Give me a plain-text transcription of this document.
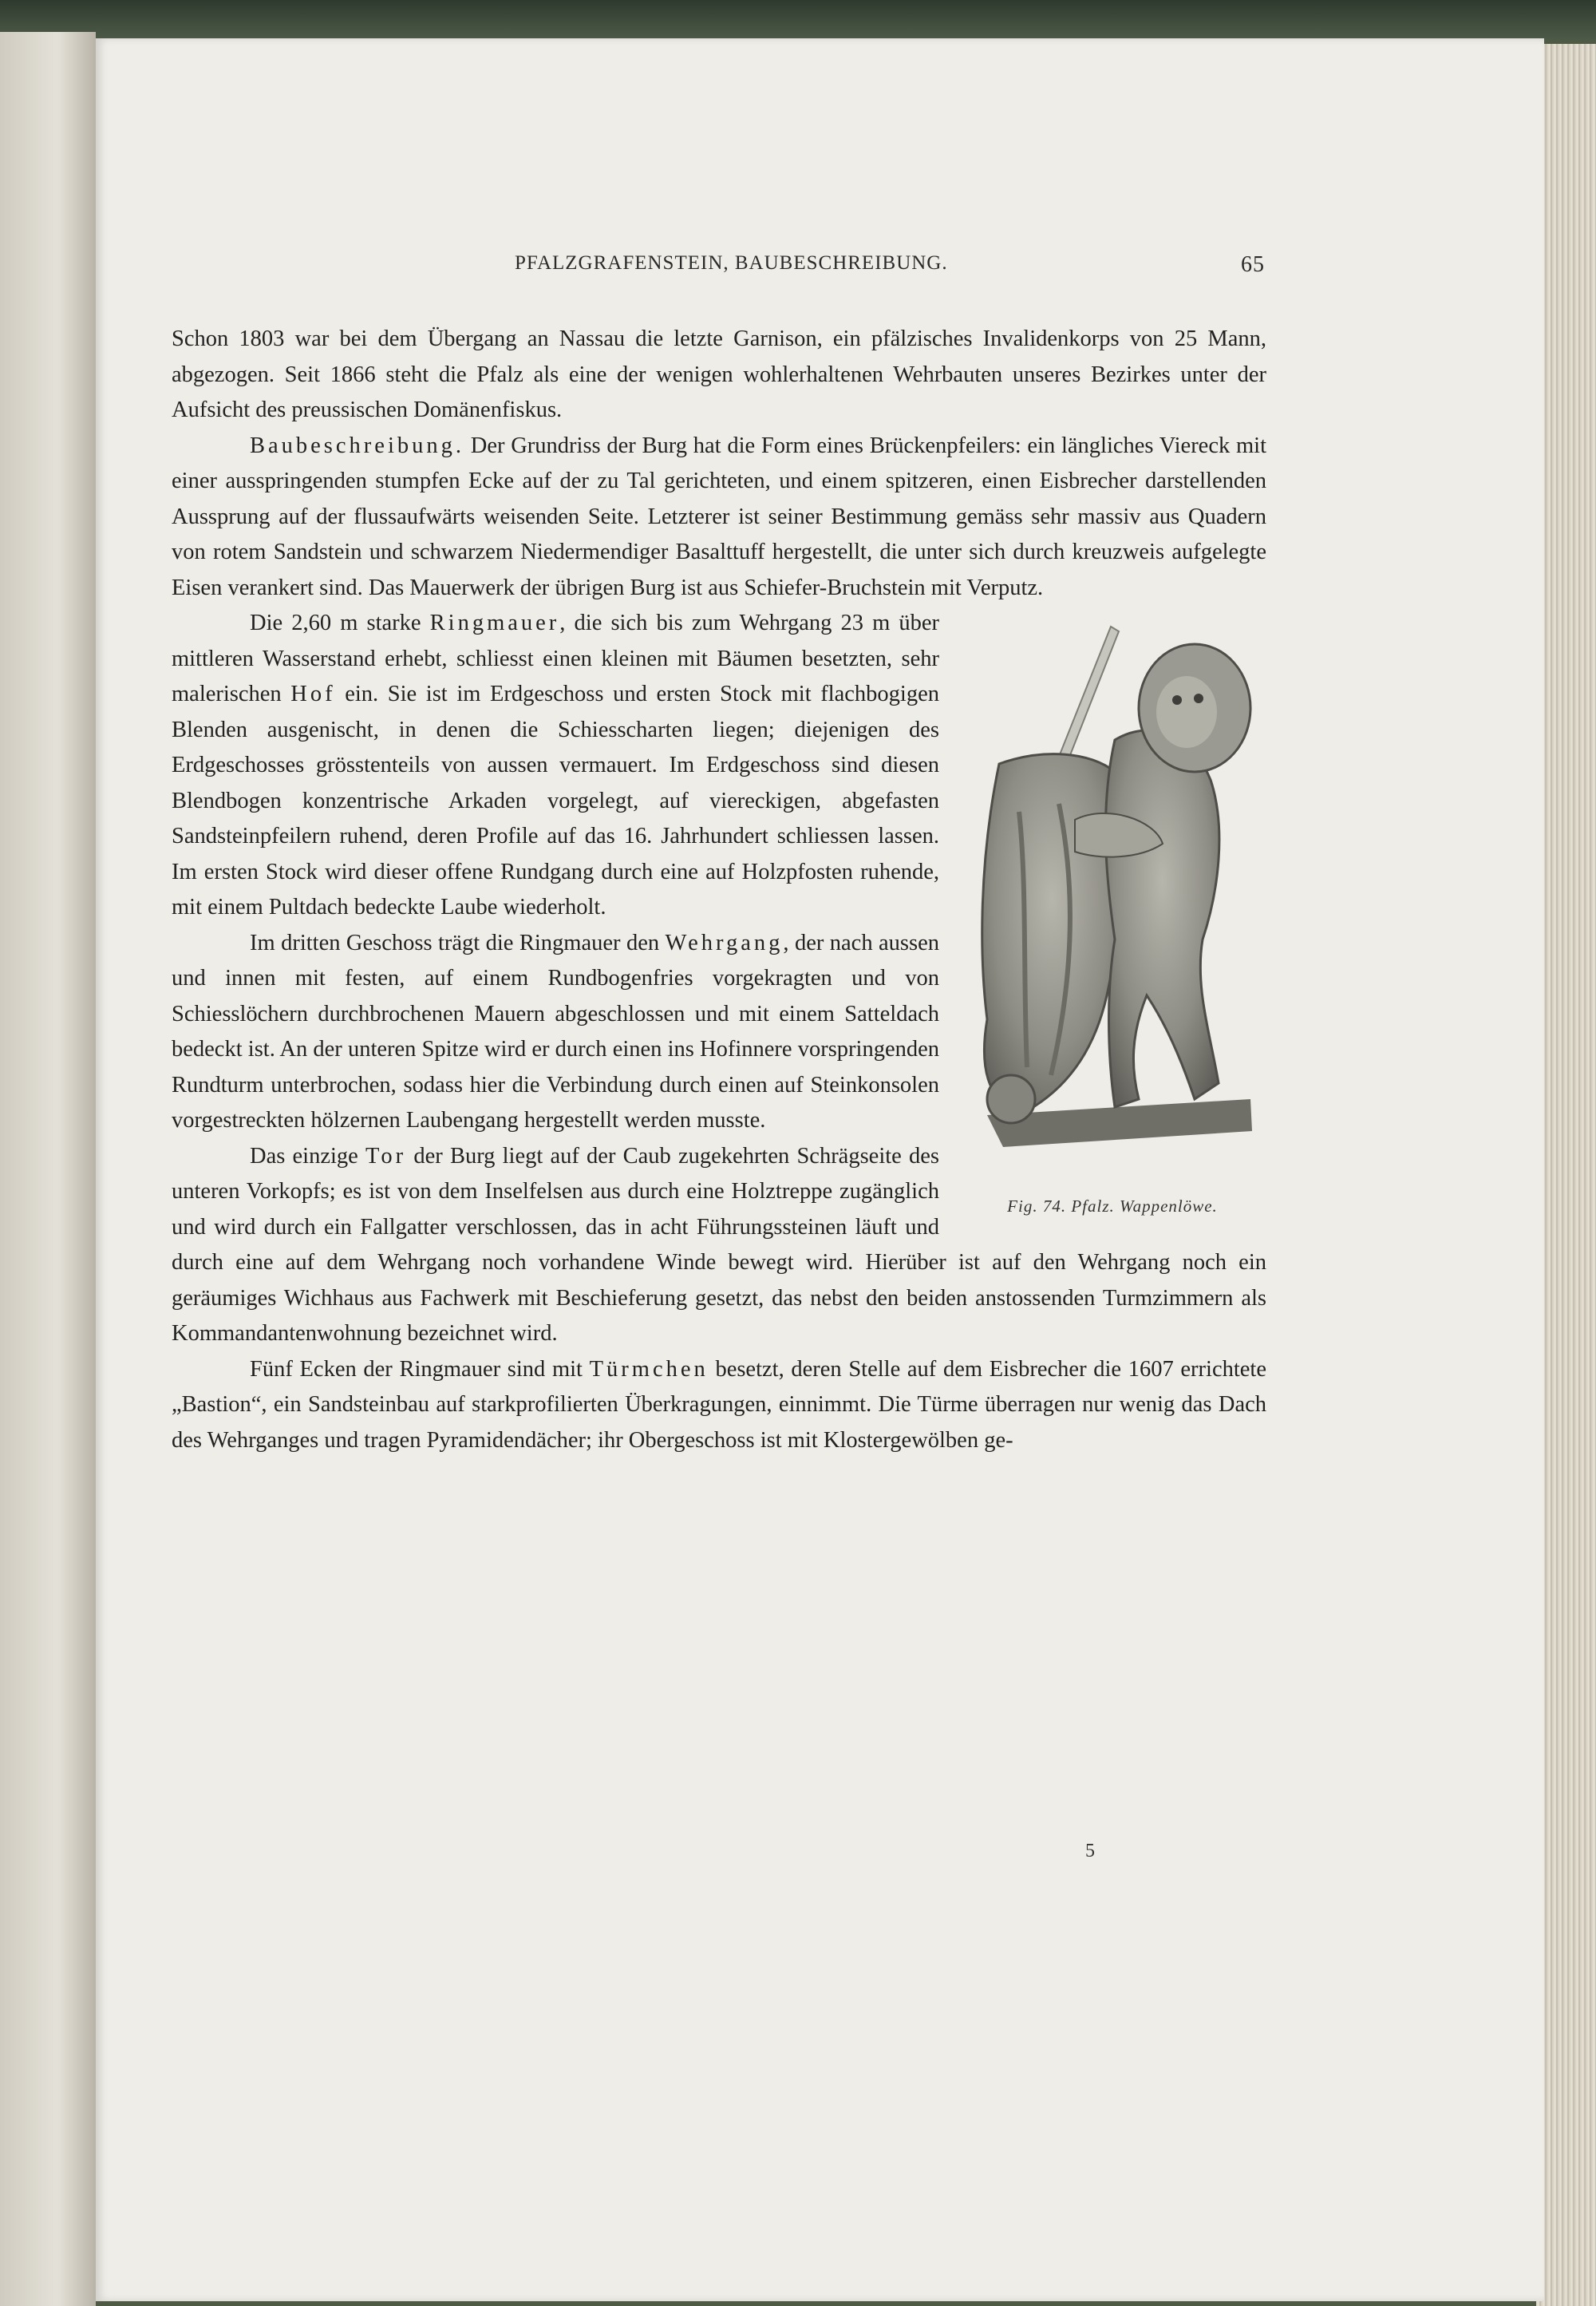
PFALZGRAFENSTEIN, BAUBESCHREIBUNG.	65

Schon 1803 war bei dem Übergang an Nassau die letzte Garnison, ein pfälzisches Invalidenkorps von 25 Mann, abgezogen. Seit 1866 steht die Pfalz als eine der wenigen wohlerhaltenen Wehrbauten unseres Bezirkes unter der Aufsicht des preussischen Domänenfiskus.

Baubeschreibung. Der Grundriss der Burg hat die Form eines Brückenpfeilers: ein längliches Viereck mit einer ausspringenden stumpfen Ecke auf der zu Tal gerichteten, und einem spitzeren, einen Eisbrecher darstellenden Aussprung auf der flussaufwärts weisenden Seite. Letzterer ist seiner Bestimmung gemäss sehr massiv aus Quadern von rotem Sandstein und schwarzem Niedermendiger Basalttuff hergestellt, die unter sich durch kreuzweis aufgelegte Eisen verankert sind. Das Mauerwerk der übrigen Burg ist aus Schiefer-Bruchstein mit Verputz.

Fig. 74. Pfalz. Wappenlöwe.

Die 2,60 m starke Ringmauer, die sich bis zum Wehrgang 23 m über mittleren Wasserstand erhebt, schliesst einen kleinen mit Bäumen besetzten, sehr malerischen Hof ein. Sie ist im Erdgeschoss und ersten Stock mit flachbogigen Blenden ausgenischt, in denen die Schiesscharten liegen; diejenigen des Erdgeschosses grösstenteils von aussen vermauert. Im Erdgeschoss sind diesen Blendbogen konzentrische Arkaden vorgelegt, auf viereckigen, abgefasten Sandsteinpfeilern ruhend, deren Profile auf das 16. Jahrhundert schliessen lassen. Im ersten Stock wird dieser offene Rundgang durch eine auf Holzpfosten ruhende, mit einem Pultdach bedeckte Laube wiederholt.

Im dritten Geschoss trägt die Ringmauer den Wehrgang, der nach aussen und innen mit festen, auf einem Rundbogenfries vorgekragten und von Schiesslöchern durchbrochenen Mauern abgeschlossen und mit einem Satteldach bedeckt ist. An der unteren Spitze wird er durch einen ins Hofinnere vorspringenden Rundturm unterbrochen, sodass hier die Verbindung durch einen auf Steinkonsolen vorgestreckten hölzernen Laubengang hergestellt werden musste.

Das einzige Tor der Burg liegt auf der Caub zugekehrten Schrägseite des unteren Vorkopfs; es ist von dem Inselfelsen aus durch eine Holztreppe zugänglich und wird durch ein Fallgatter verschlossen, das in acht Führungssteinen läuft und durch eine auf dem Wehrgang noch vorhandene Winde bewegt wird. Hierüber ist auf den Wehrgang noch ein geräumiges Wichhaus aus Fachwerk mit Beschieferung gesetzt, das nebst den beiden anstossenden Turmzimmern als Kommandantenwohnung bezeichnet wird.

Fünf Ecken der Ringmauer sind mit Türmchen besetzt, deren Stelle auf dem Eisbrecher die 1607 errichtete „Bastion“, ein Sandsteinbau auf starkprofilierten Überkragungen, einnimmt. Die Türme überragen nur wenig das Dach des Wehrganges und tragen Pyramidendächer; ihr Obergeschoss ist mit Klostergewölben ge-

5
